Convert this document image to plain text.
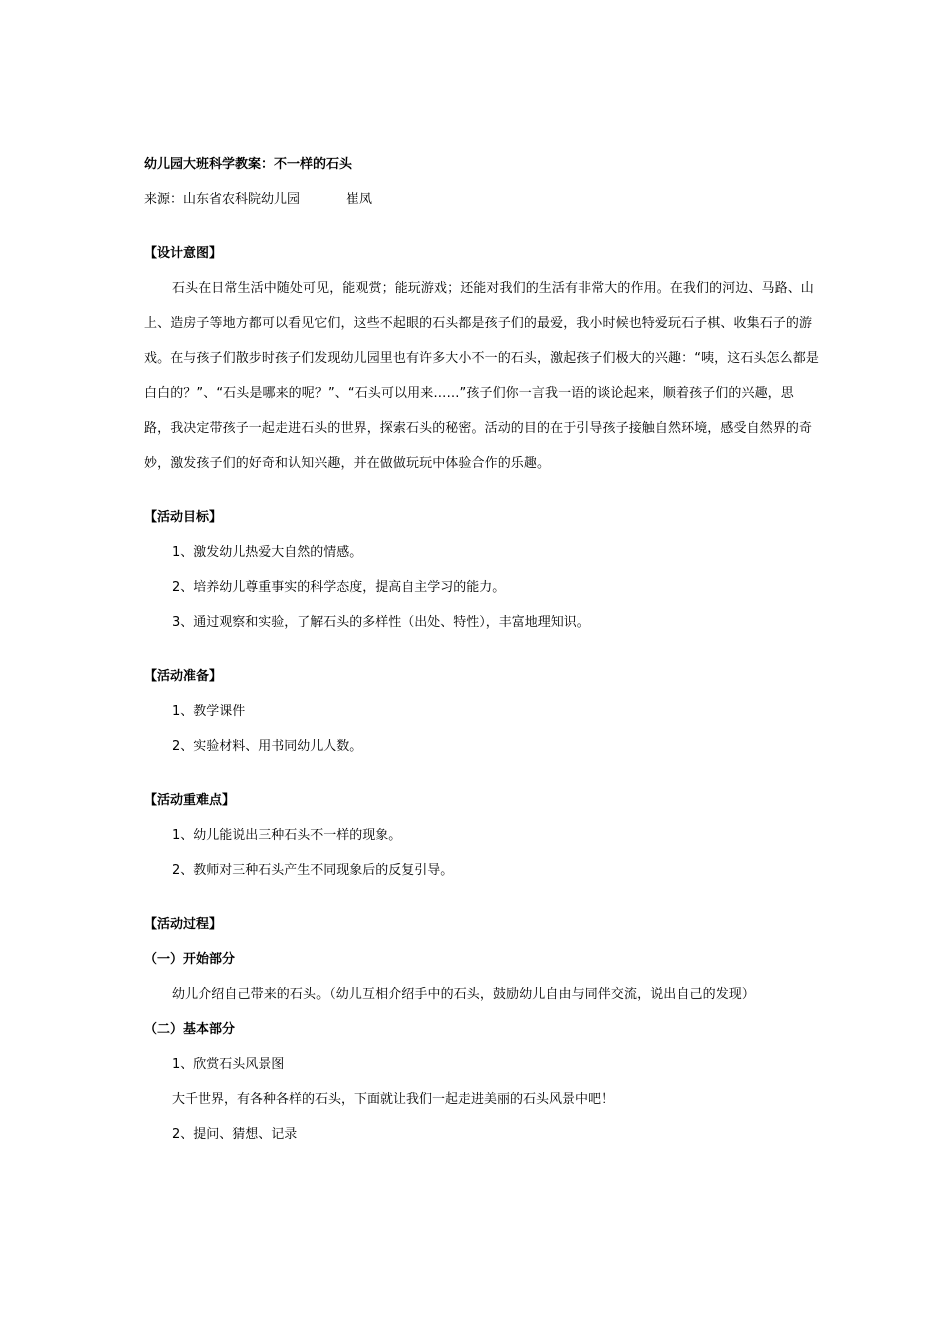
幼儿园大班科学教案：不一样的石头
来源：山东省农科院幼儿园	崔凤
【设计意图】
石头在日常生活中随处可见，能观赏；能玩游戏；还能对我们的生活有非常大的作用。在我们的河边、马路、山上、造房子等地方都可以看见它们，这些不起眼的石头都是孩子们的最爱，我小时候也特爱玩石子棋、收集石子的游戏。在与孩子们散步时孩子们发现幼儿园里也有许多大小不一的石头，激起孩子们极大的兴趣：“咦，这石头怎么都是白白的？”、“石头是哪来的呢？”、“石头可以用来……”孩子们你一言我一语的谈论起来，顺着孩子们的兴趣，思路，我决定带孩子一起走进石头的世界，探索石头的秘密。活动的目的在于引导孩子接触自然环境，感受自然界的奇妙，激发孩子们的好奇和认知兴趣，并在做做玩玩中体验合作的乐趣。
【活动目标】
1、激发幼儿热爱大自然的情感。
2、培养幼儿尊重事实的科学态度，提高自主学习的能力。
3、通过观察和实验，了解石头的多样性（出处、特性），丰富地理知识。
【活动准备】
1、教学课件
2、实验材料、用书同幼儿人数。
【活动重难点】
1、幼儿能说出三种石头不一样的现象。
2、教师对三种石头产生不同现象后的反复引导。
【活动过程】
（一）开始部分
幼儿介绍自己带来的石头。（幼儿互相介绍手中的石头，鼓励幼儿自由与同伴交流，说出自己的发现）
（二）基本部分
1、欣赏石头风景图
大千世界，有各种各样的石头，下面就让我们一起走进美丽的石头风景中吧！
2、提问、猜想、记录
